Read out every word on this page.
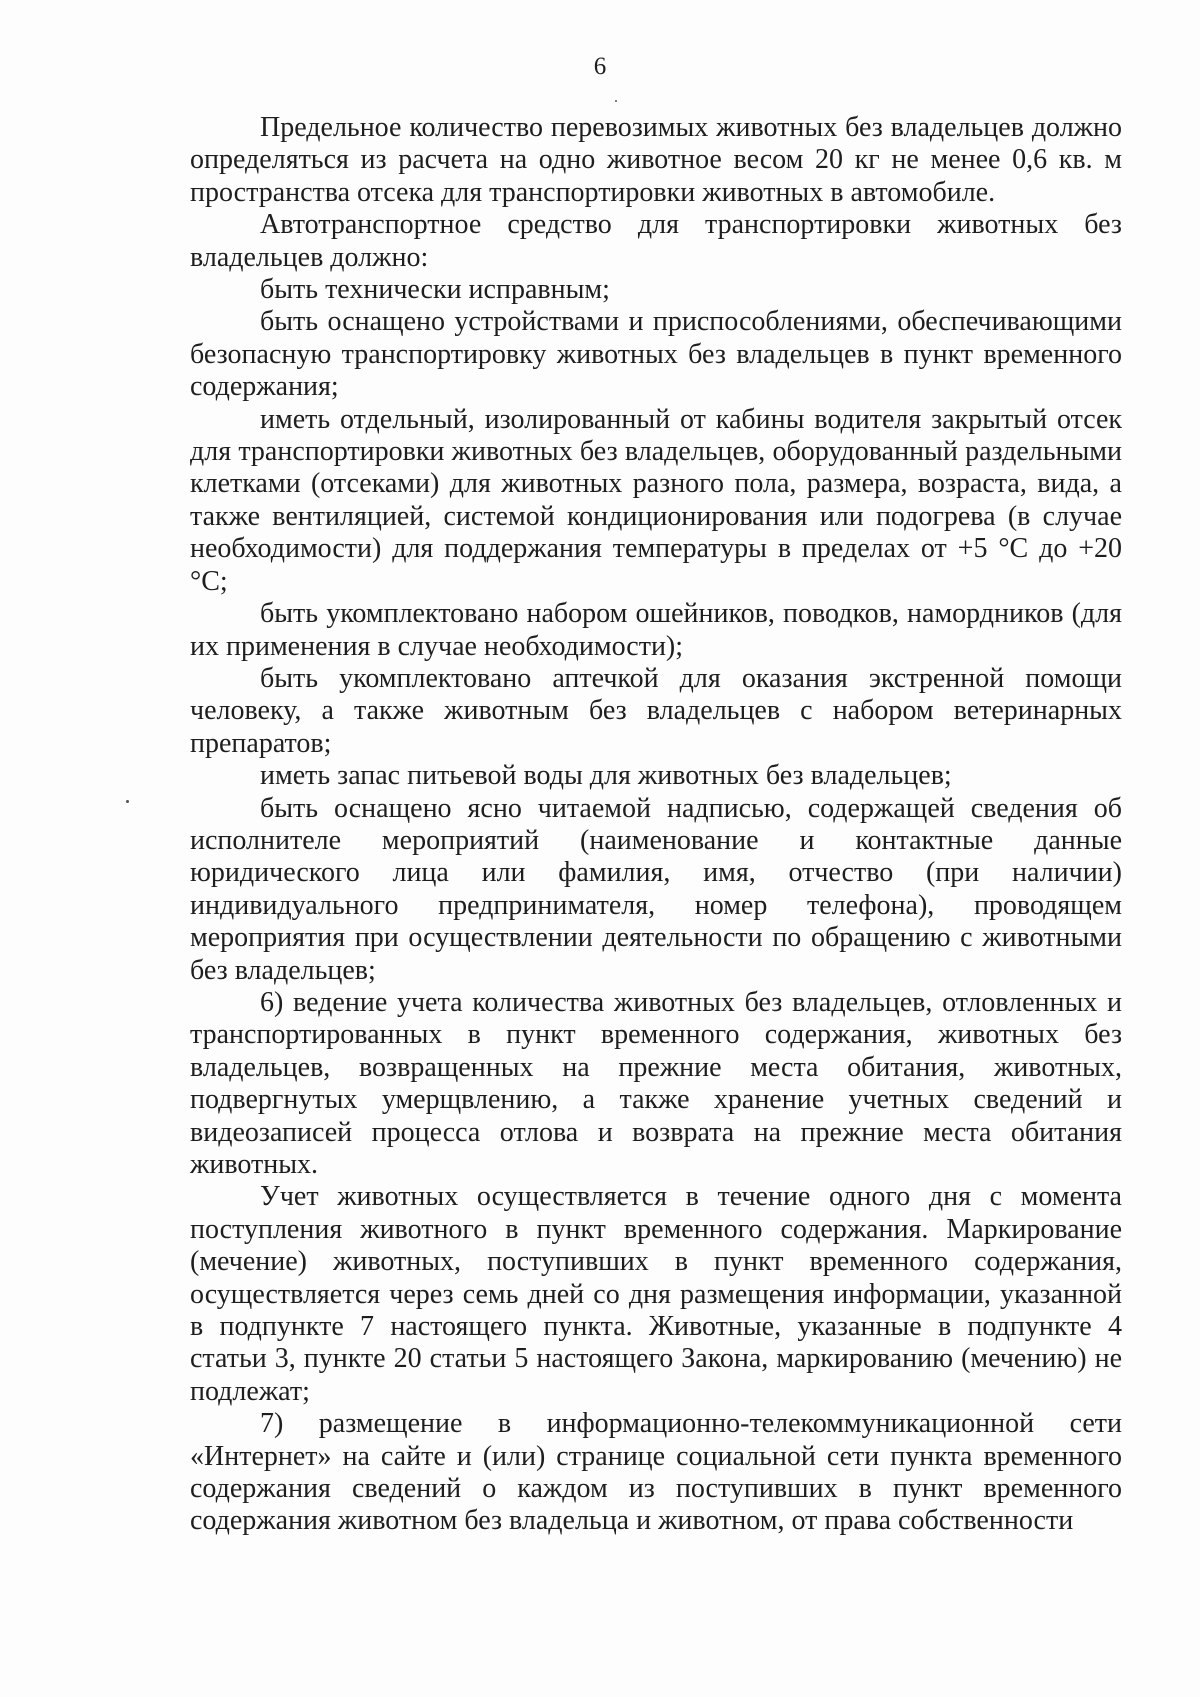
6

Предельное количество перевозимых животных без владельцев должно определяться из расчета на одно животное весом 20 кг не менее 0,6 кв. м пространства отсека для транспортировки животных в автомобиле.

Автотранспортное средство для транспортировки животных без владельцев должно:

быть технически исправным;

быть оснащено устройствами и приспособлениями, обеспечивающими безопасную транспортировку животных без владельцев в пункт временного содержания;

иметь отдельный, изолированный от кабины водителя закрытый отсек для транспортировки животных без владельцев, оборудованный раздельными клетками (отсеками) для животных разного пола, размера, возраста, вида, а также вентиляцией, системой кондиционирования или подогрева (в случае необходимости) для поддержания температуры в пределах от +5 °С до +20 °С;

быть укомплектовано набором ошейников, поводков, намордников (для их применения в случае необходимости);

быть укомплектовано аптечкой для оказания экстренной помощи человеку, а также животным без владельцев с набором ветеринарных препаратов;

иметь запас питьевой воды для животных без владельцев;

быть оснащено ясно читаемой надписью, содержащей сведения об исполнителе мероприятий (наименование и контактные данные юридического лица или фамилия, имя, отчество (при наличии) индивидуального предпринимателя, номер телефона), проводящем мероприятия при осуществлении деятельности по обращению с животными без владельцев;

6) ведение учета количества животных без владельцев, отловленных и транспортированных в пункт временного содержания, животных без владельцев, возвращенных на прежние места обитания, животных, подвергнутых умерщвлению, а также хранение учетных сведений и видеозаписей процесса отлова и возврата на прежние места обитания животных.

Учет животных осуществляется в течение одного дня с момента поступления животного в пункт временного содержания. Маркирование (мечение) животных, поступивших в пункт временного содержания, осуществляется через семь дней со дня размещения информации, указанной в подпункте 7 настоящего пункта. Животные, указанные в подпункте 4 статьи 3, пункте 20 статьи 5 настоящего Закона, маркированию (мечению) не подлежат;

7) размещение в информационно-телекоммуникационной сети «Интернет» на сайте и (или) странице социальной сети пункта временного содержания сведений о каждом из поступивших в пункт временного содержания животном без владельца и животном, от права собственности
